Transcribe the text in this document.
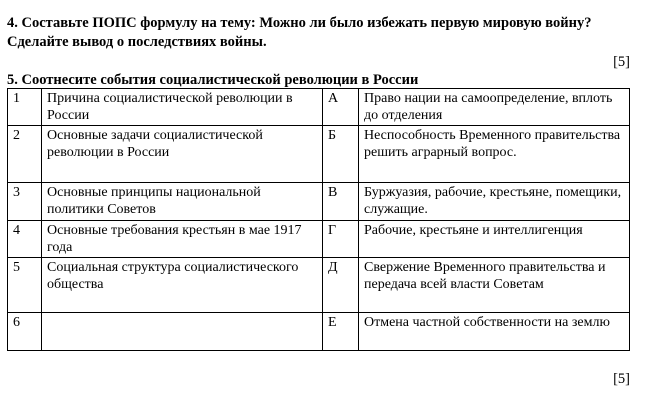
4. Составьте ПОПС формулу на тему: Можно ли было избежать первую мировую войну? Сделайте вывод о последствиях войны.
[5]
5. Соотнесите события социалистической революции в России
1	Причина социалистической революции в России	А	Право нации на самоопределение, вплоть до отделения
2	Основные задачи социалистической революции в России	Б	Неспособность Временного правительства решить аграрный вопрос.
3	Основные принципы национальной политики Советов	В	Буржуазия, рабочие, крестьяне, помещики, служащие.
4	Основные требования крестьян в мае 1917 года	Г	Рабочие, крестьяне и интеллигенция
5	Социальная структура социалистического общества	Д	Свержение Временного правительства и передача всей власти Советам
6		Е	Отмена частной собственности на землю
[5]
